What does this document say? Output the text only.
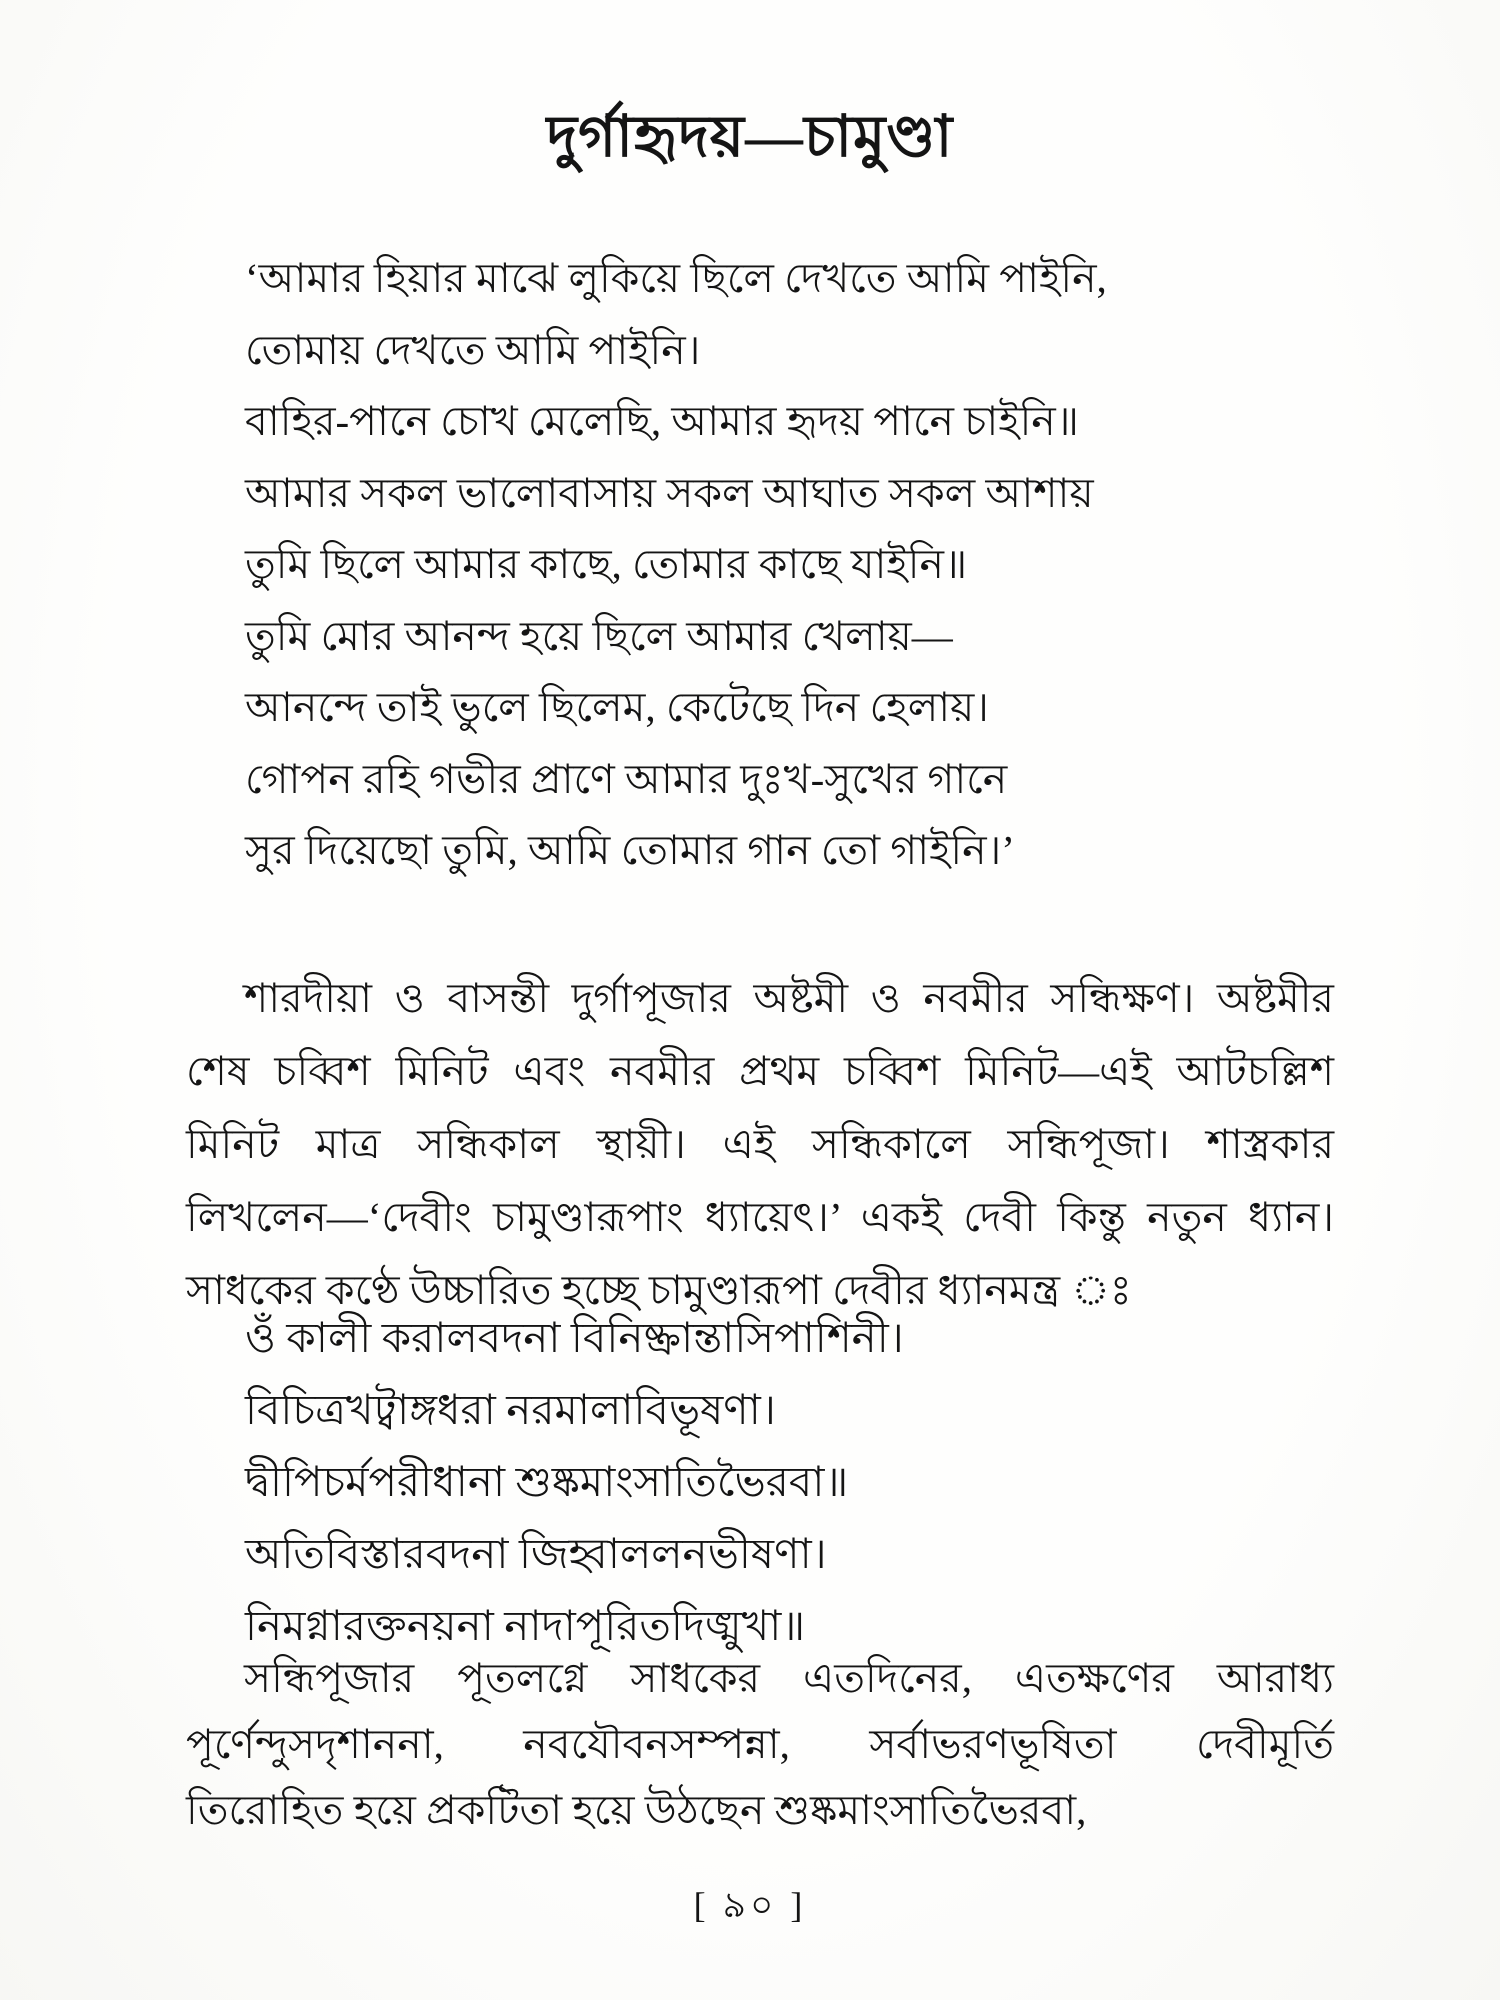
দুর্গাহৃদয়—চামুণ্ডা
‘আমার হিয়ার মাঝে লুকিয়ে ছিলে দেখতে আমি পাইনি,
তোমায় দেখতে আমি পাইনি।
বাহির-পানে চোখ মেলেছি, আমার হৃদয় পানে চাইনি॥
আমার সকল ভালোবাসায় সকল আঘাত সকল আশায়
তুমি ছিলে আমার কাছে, তোমার কাছে যাইনি॥
তুমি মোর আনন্দ হয়ে ছিলে আমার খেলায়—
আনন্দে তাই ভুলে ছিলেম, কেটেছে দিন হেলায়।
গোপন রহি গভীর প্রাণে আমার দুঃখ-সুখের গানে
সুর দিয়েছো তুমি, আমি তোমার গান তো গাইনি।’
শারদীয়া ও বাসন্তী দুর্গাপূজার অষ্টমী ও নবমীর সন্ধিক্ষণ। অষ্টমীর
শেষ চব্বিশ মিনিট এবং নবমীর প্রথম চব্বিশ মিনিট—এই আটচল্লিশ
মিনিট মাত্র সন্ধিকাল স্থায়ী। এই সন্ধিকালে সন্ধিপূজা। শাস্ত্রকার
লিখলেন—‘দেবীং চামুণ্ডারূপাং ধ্যায়েৎ।’ একই দেবী কিন্তু নতুন ধ্যান।
সাধকের কণ্ঠে উচ্চারিত হচ্ছে চামুণ্ডারূপা দেবীর ধ্যানমন্ত্র ঃ
ওঁ কালী করালবদনা বিনিষ্ক্রান্তাসিপাশিনী।
বিচিত্রখট্বাঙ্গধরা নরমালাবিভূষণা।
দ্বীপিচর্মপরীধানা শুষ্কমাংসাতিভৈরবা॥
অতিবিস্তারবদনা জিহ্বাললনভীষণা।
নিমগ্নারক্তনয়না নাদাপূরিতদিঙ্মুখা॥
সন্ধিপূজার পূতলগ্নে সাধকের এতদিনের, এতক্ষণের আরাধ্য
পূর্ণেন্দুসদৃশাননা, নবযৌবনসম্পন্না, সর্বাভরণভূষিতা দেবীমূর্তি
তিরোহিত হয়ে প্রকটিতা হয়ে উঠছেন শুষ্কমাংসাতিভৈরবা,
[ ৯০ ]
